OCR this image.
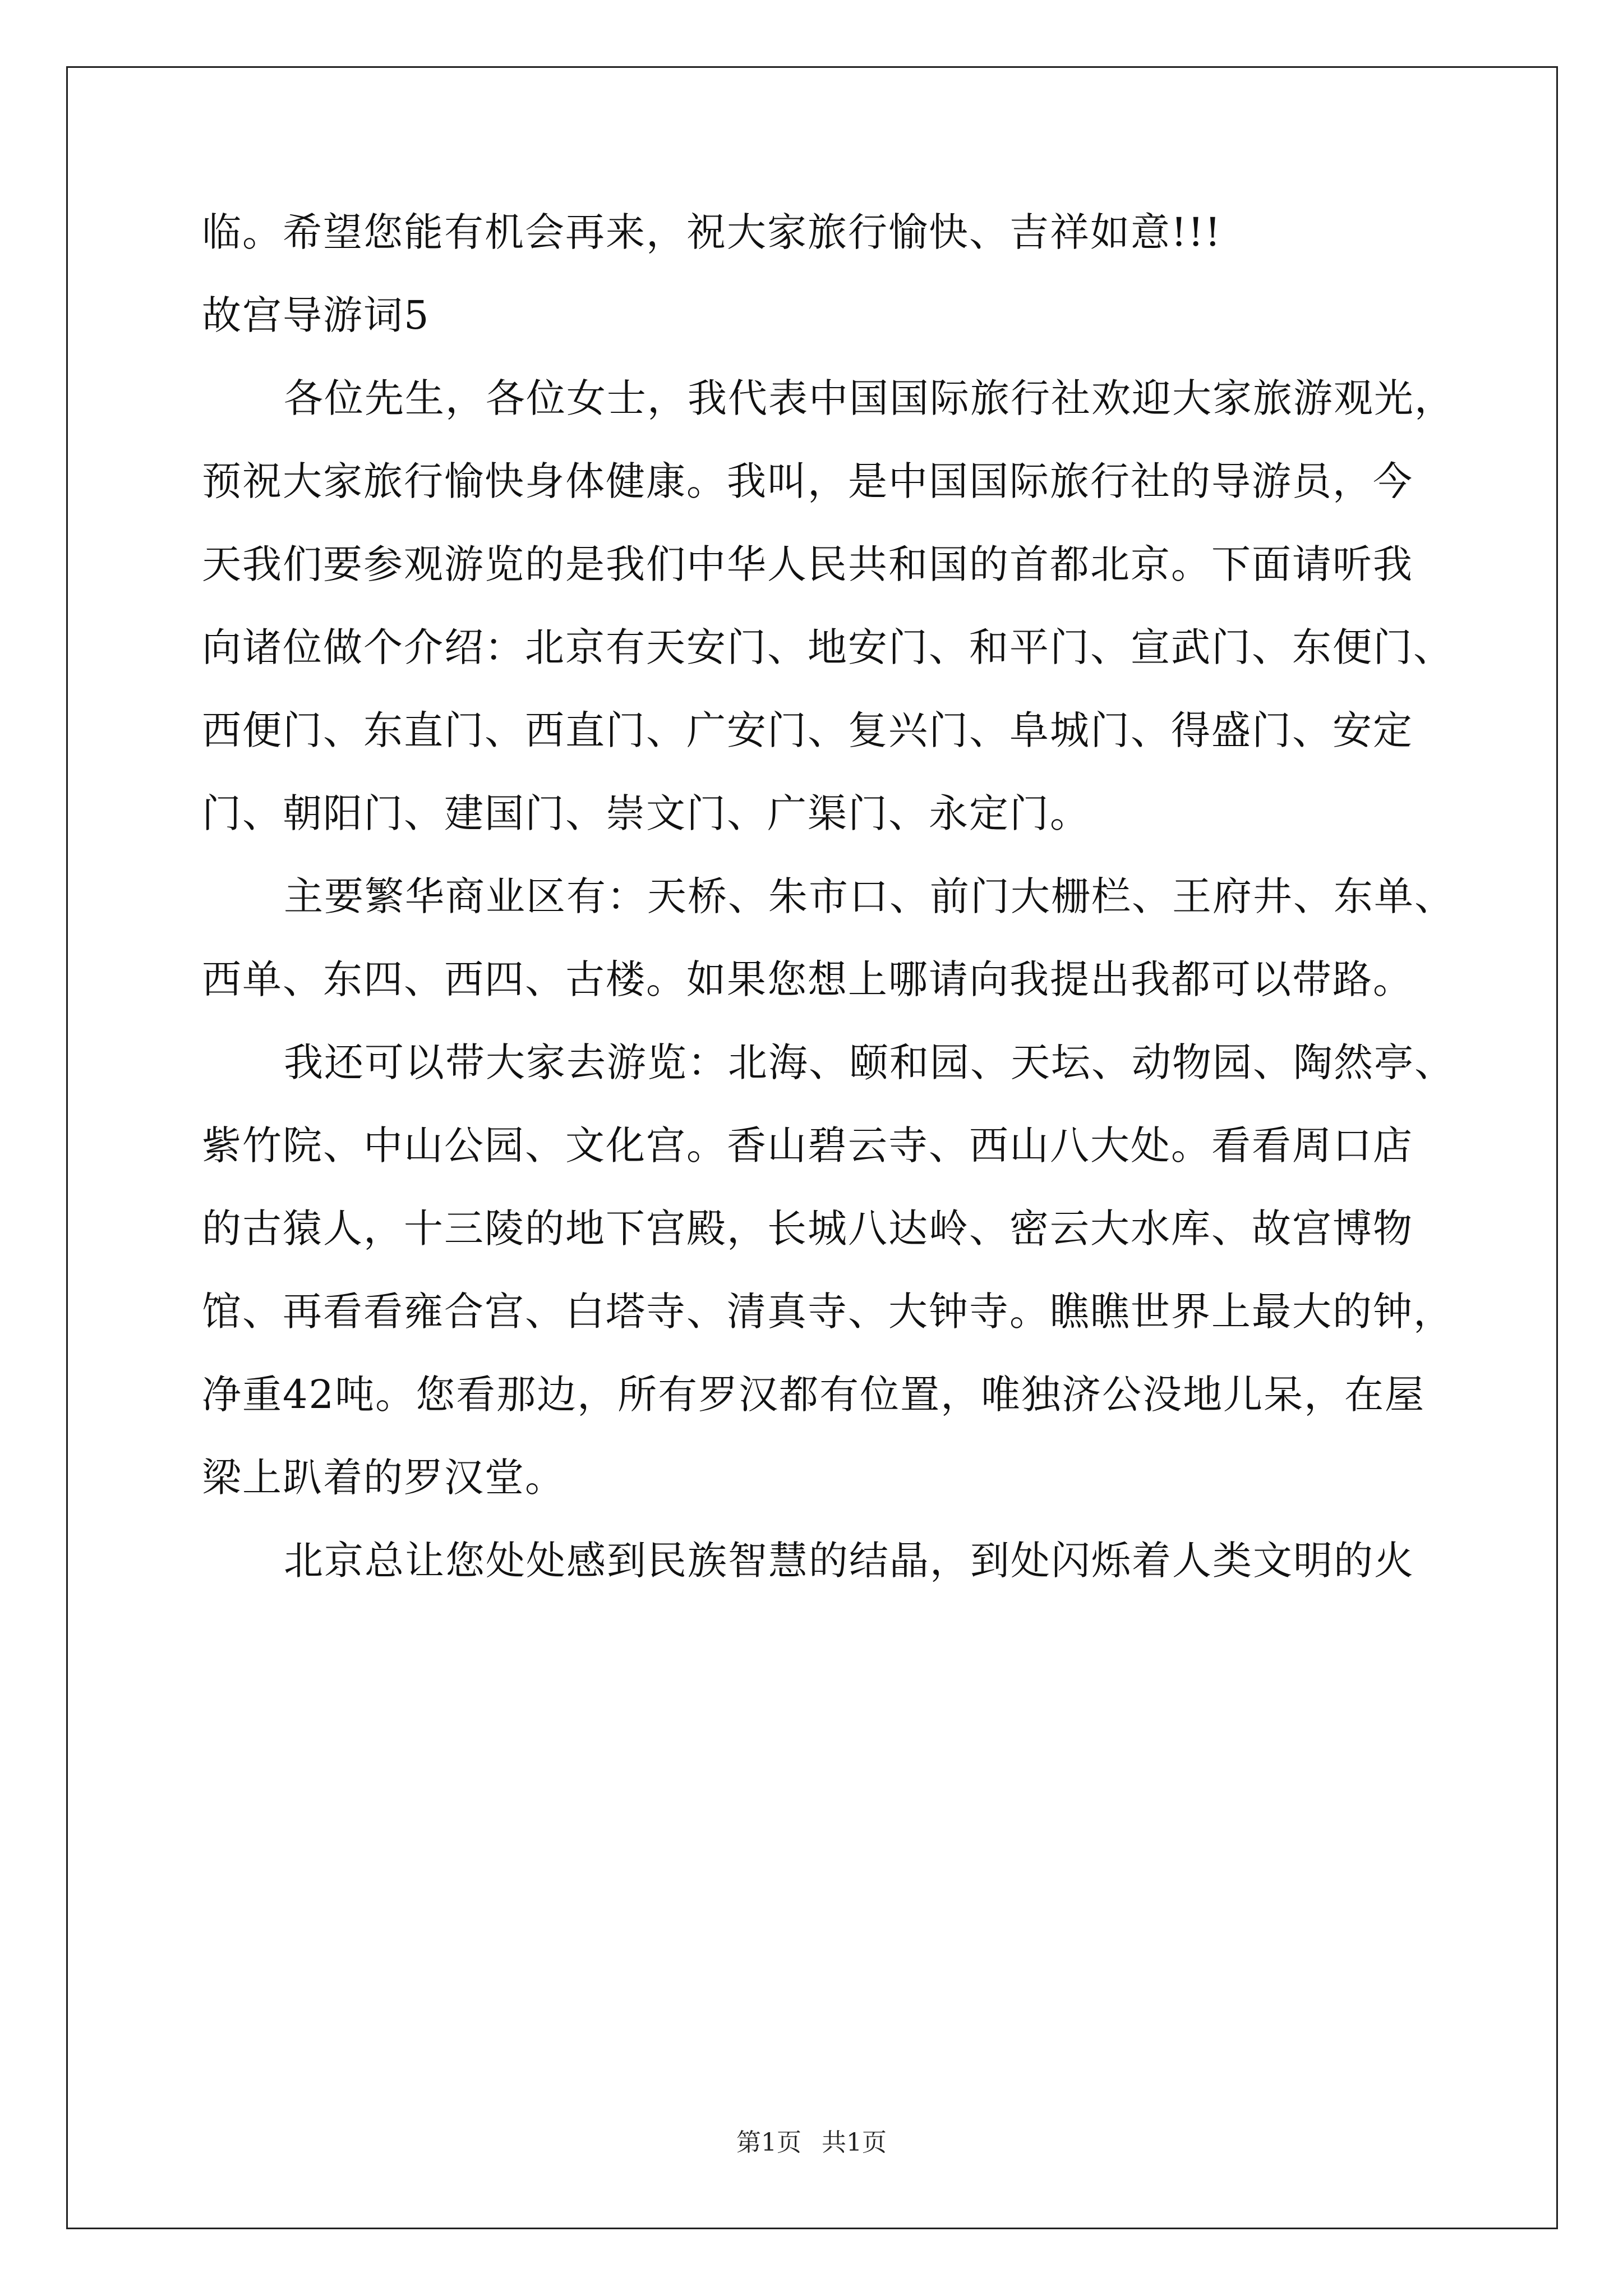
临。希望您能有机会再来，祝大家旅行愉快、吉祥如意!!!
故宫导游词5
各位先生，各位女士，我代表中国国际旅行社欢迎大家旅游观光，
预祝大家旅行愉快身体健康。我叫，是中国国际旅行社的导游员，今
天我们要参观游览的是我们中华人民共和国的首都北京。下面请听我
向诸位做个介绍：北京有天安门、地安门、和平门、宣武门、东便门、
西便门、东直门、西直门、广安门、复兴门、阜城门、得盛门、安定
门、朝阳门、建国门、崇文门、广渠门、永定门。
主要繁华商业区有：天桥、朱市口、前门大栅栏、王府井、东单、
西单、东四、西四、古楼。如果您想上哪请向我提出我都可以带路。
我还可以带大家去游览：北海、颐和园、天坛、动物园、陶然亭、
紫竹院、中山公园、文化宫。香山碧云寺、西山八大处。看看周口店
的古猿人，十三陵的地下宫殿，长城八达岭、密云大水库、故宫博物
馆、再看看雍合宫、白塔寺、清真寺、大钟寺。瞧瞧世界上最大的钟，
净重42吨。您看那边，所有罗汉都有位置，唯独济公没地儿呆，在屋
梁上趴着的罗汉堂。
北京总让您处处感到民族智慧的结晶，到处闪烁着人类文明的火
第1页 共1页
